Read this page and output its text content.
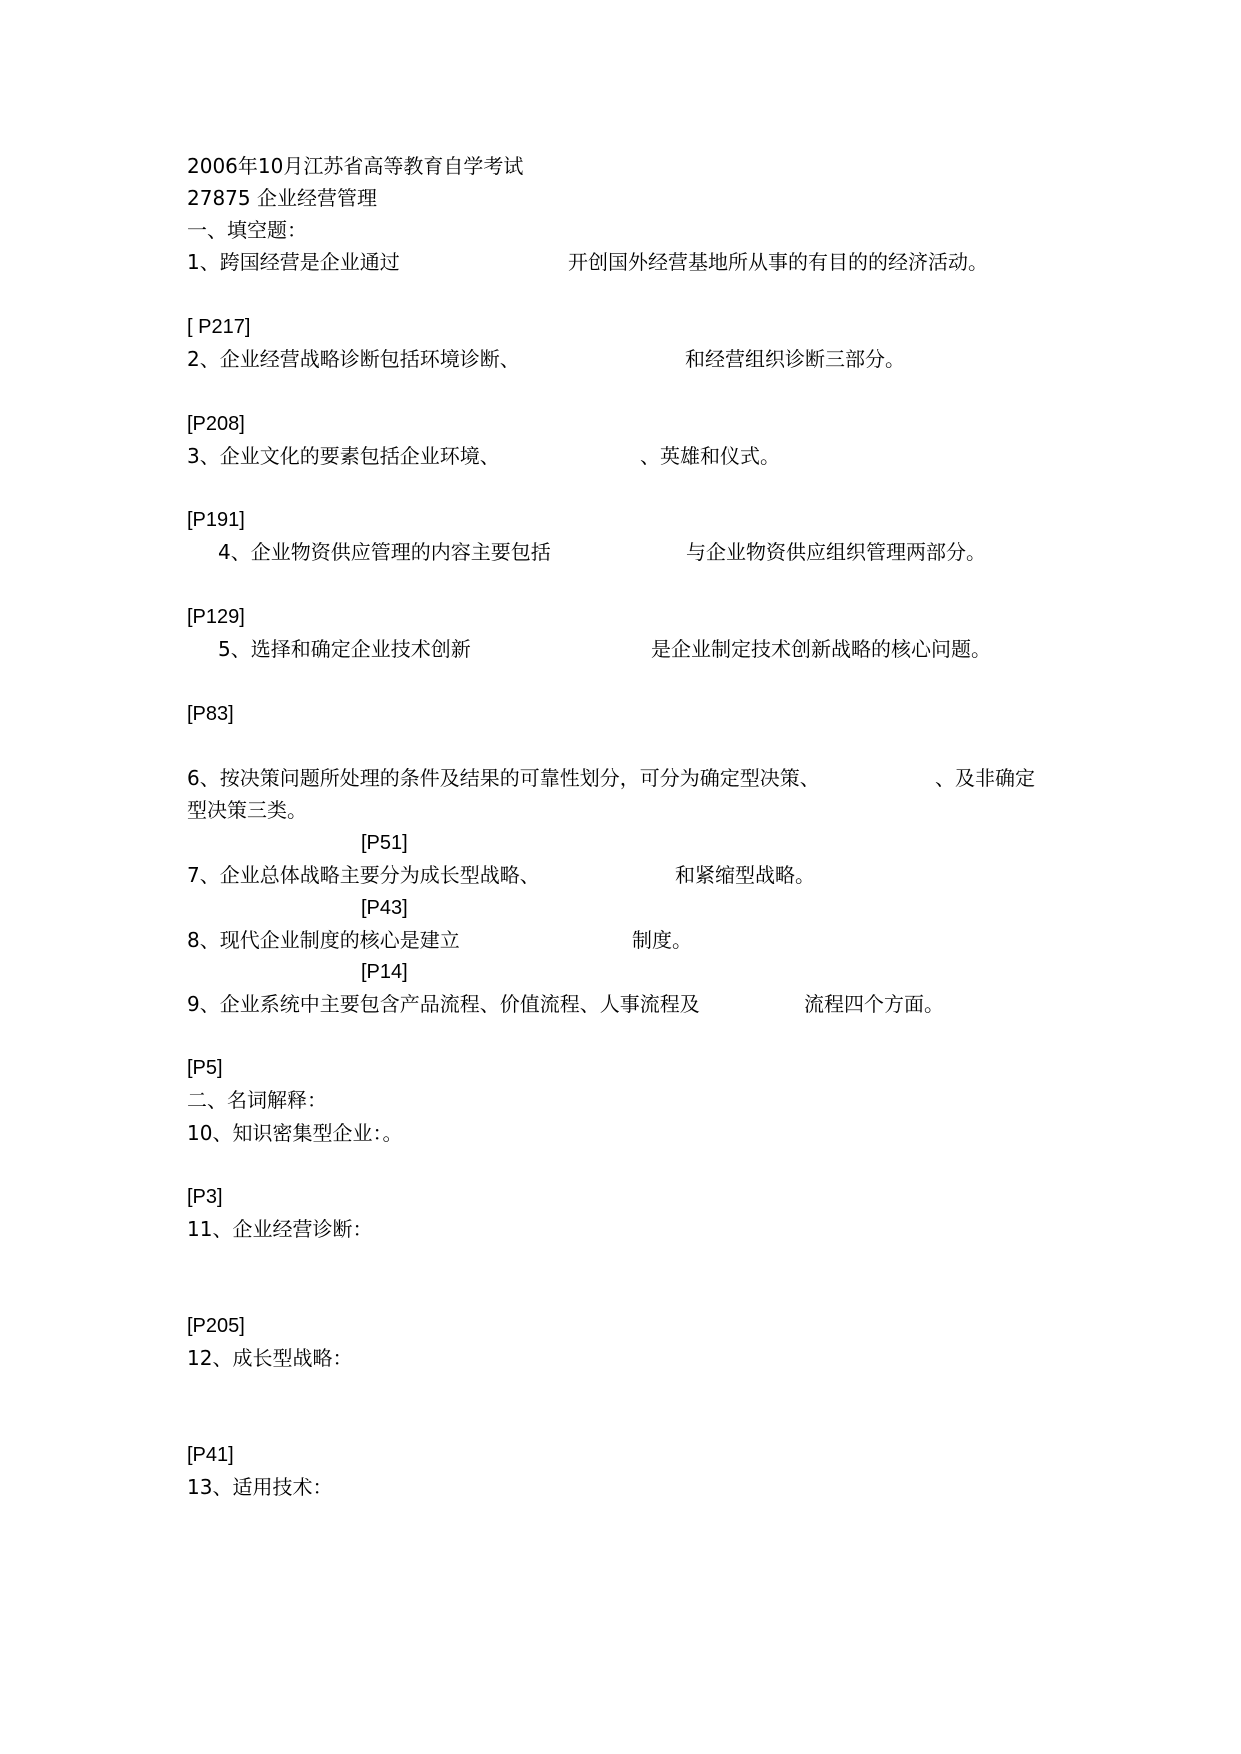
2006年10月江苏省高等教育自学考试
27875 企业经营管理
一、填空题：
1、跨国经营是企业通过	开创国外经营基地所从事的有目的的经济活动。
[ P217]
2、企业经营战略诊断包括环境诊断、	和经营组织诊断三部分。
[P208]
3、企业文化的要素包括企业环境、	、英雄和仪式。
[P191]
4、企业物资供应管理的内容主要包括	与企业物资供应组织管理两部分。
[P129]
5、选择和确定企业技术创新	是企业制定技术创新战略的核心问题。
[P83]
6、按决策问题所处理的条件及结果的可靠性划分，可分为确定型决策、	、及非确定
型决策三类。
[P51]
7、企业总体战略主要分为成长型战略、	和紧缩型战略。
[P43]
8、现代企业制度的核心是建立	制度。
[P14]
9、企业系统中主要包含产品流程、价值流程、人事流程及	流程四个方面。
[P5]
二、名词解释：
10、知识密集型企业：。
[P3]
11、企业经营诊断：
[P205]
12、成长型战略：
[P41]
13、适用技术：
